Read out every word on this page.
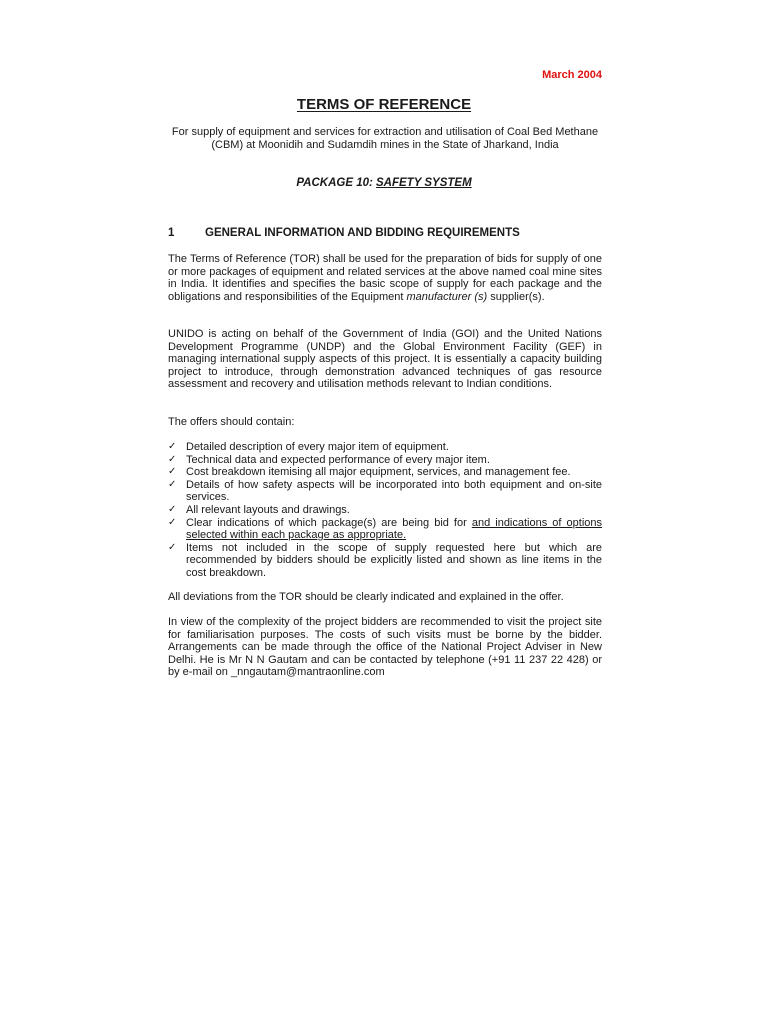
March 2004
TERMS OF REFERENCE
For supply of equipment and services for extraction and utilisation of Coal Bed Methane (CBM) at Moonidih and Sudamdih mines in the State of Jharkand, India
PACKAGE 10: SAFETY SYSTEM
1	GENERAL INFORMATION AND BIDDING REQUIREMENTS

The Terms of Reference (TOR) shall be used for the preparation of bids for supply of one or more packages of equipment and related services at the above named coal mine sites in India. It identifies and specifies the basic scope of supply for each package and the obligations and responsibilities of the Equipment manufacturer (s) supplier(s).

UNIDO is acting on behalf of the Government of India (GOI) and the United Nations Development Programme (UNDP) and the Global Environment Facility (GEF) in managing international supply aspects of this project. It is essentially a capacity building project to introduce, through demonstration advanced techniques of gas resource assessment and recovery and utilisation methods relevant to Indian conditions.

The offers should contain:

✓ Detailed description of every major item of equipment.
✓ Technical data and expected performance of every major item.
✓ Cost breakdown itemising all major equipment, services, and management fee.
✓ Details of how safety aspects will be incorporated into both equipment and on-site services.
✓ All relevant layouts and drawings.
✓ Clear indications of which package(s) are being bid for and indications of options selected within each package as appropriate.
✓ Items not included in the scope of supply requested here but which are recommended by bidders should be explicitly listed and shown as line items in the cost breakdown.

All deviations from the TOR should be clearly indicated and explained in the offer.

In view of the complexity of the project bidders are recommended to visit the project site for familiarisation purposes. The costs of such visits must be borne by the bidder. Arrangements can be made through the office of the National Project Adviser in New Delhi. He is Mr N N Gautam and can be contacted by telephone (+91 11 237 22 428) or by e-mail on _nngautam@mantraonline.com
